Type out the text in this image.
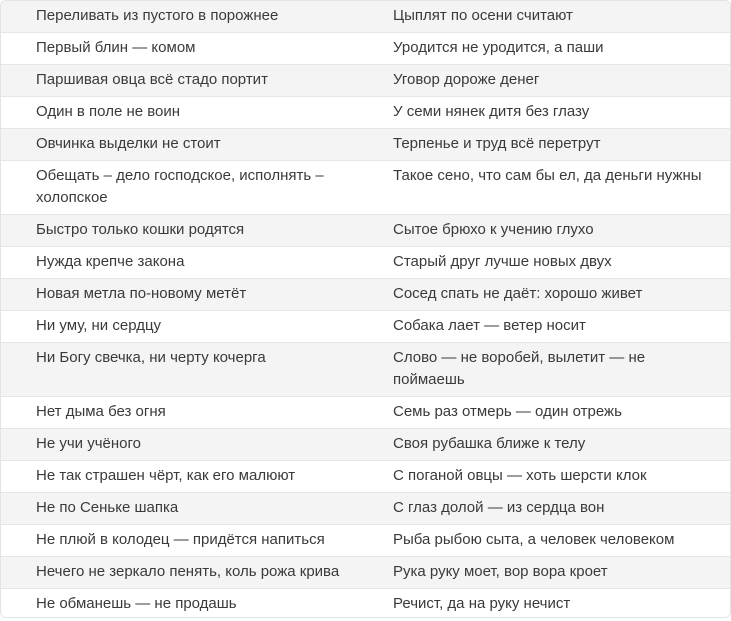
Переливать из пустого в порожнее	Цыплят по осени считают
Первый блин — комом	Уродится не уродится, а паши
Паршивая овца всё стадо портит	Уговор дороже денег
Один в поле не воин	У семи нянек дитя без глазу
Овчинка выделки не стоит	Терпенье и труд всё перетрут
Обещать – дело господское, исполнять – холопское	Такое сено, что сам бы ел, да деньги нужны
Быстро только кошки родятся	Сытое брюхо к учению глухо
Нужда крепче закона	Старый друг лучше новых двух
Новая метла по-новому метёт	Сосед спать не даёт: хорошо живет
Ни уму, ни сердцу	Собака лает — ветер носит
Ни Богу свечка, ни черту кочерга	Слово — не воробей, вылетит — не поймаешь
Нет дыма без огня	Семь раз отмерь — один отрежь
Не учи учёного	Своя рубашка ближе к телу
Не так страшен чёрт, как его малюют	С поганой овцы — хоть шерсти клок
Не по Сеньке шапка	С глаз долой — из сердца вон
Не плюй в колодец — придётся напиться	Рыба рыбою сыта, а человек человеком
Нечего не зеркало пенять, коль рожа крива	Рука руку моет, вор вора кроет
Не обманешь — не продашь	Речист, да на руку нечист
